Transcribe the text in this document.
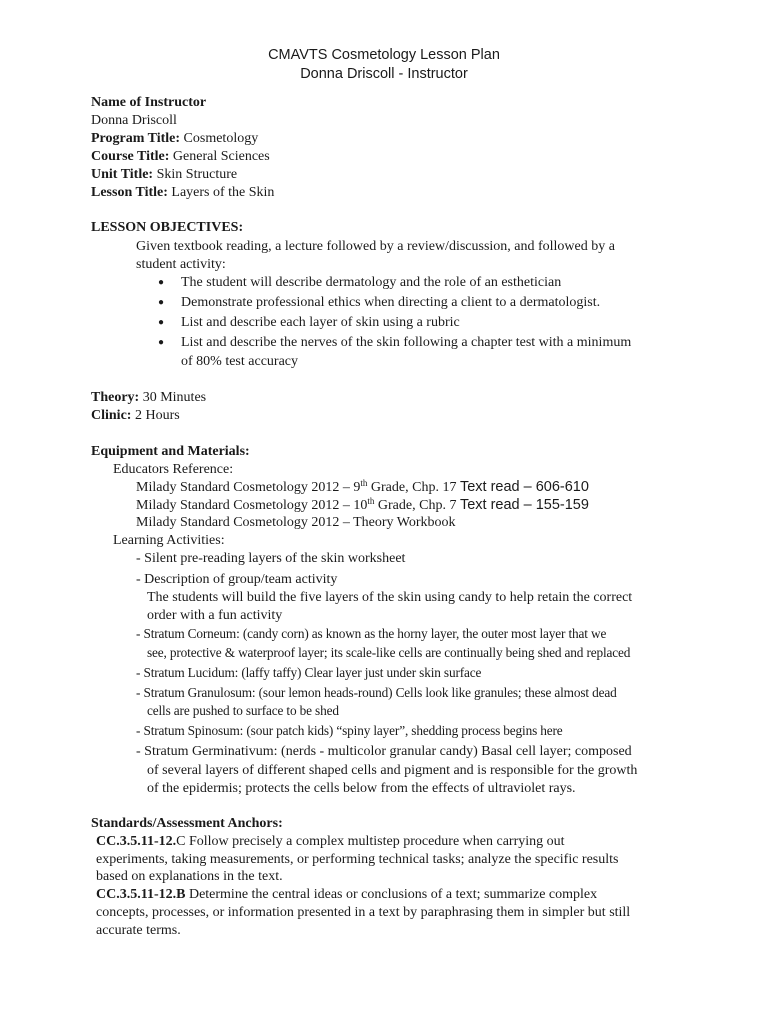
CMAVTS Cosmetology Lesson Plan
Donna Driscoll - Instructor
Name of Instructor
Donna Driscoll
Program Title: Cosmetology
Course Title: General Sciences
Unit Title: Skin Structure
Lesson Title: Layers of the Skin
LESSON OBJECTIVES:
Given textbook reading, a lecture followed by a review/discussion, and followed by a
student activity:
● The student will describe dermatology and the role of an esthetician
● Demonstrate professional ethics when directing a client to a dermatologist.
● List and describe each layer of skin using a rubric
● List and describe the nerves of the skin following a chapter test with a minimum
of 80% test accuracy
Theory: 30 Minutes
Clinic: 2 Hours
Equipment and Materials:
Educators Reference:
Milady Standard Cosmetology 2012 – 9th Grade, Chp. 17 Text read – 606-610
Milady Standard Cosmetology 2012 – 10th Grade, Chp. 7 Text read – 155-159
Milady Standard Cosmetology 2012 – Theory Workbook
Learning Activities:
- Silent pre-reading layers of the skin worksheet
- Description of group/team activity
The students will build the five layers of the skin using candy to help retain the correct
order with a fun activity
- Stratum Corneum: (candy corn) as known as the horny layer, the outer most layer that we
see, protective & waterproof layer; its scale-like cells are continually being shed and replaced
- Stratum Lucidum: (laffy taffy) Clear layer just under skin surface
- Stratum Granulosum: (sour lemon heads-round) Cells look like granules; these almost dead
cells are pushed to surface to be shed
- Stratum Spinosum: (sour patch kids) “spiny layer”, shedding process begins here
- Stratum Germinativum: (nerds - multicolor granular candy) Basal cell layer; composed
of several layers of different shaped cells and pigment and is responsible for the growth
of the epidermis; protects the cells below from the effects of ultraviolet rays.
Standards/Assessment Anchors:
CC.3.5.11-12.C Follow precisely a complex multistep procedure when carrying out
experiments, taking measurements, or performing technical tasks; analyze the specific results
based on explanations in the text.
CC.3.5.11-12.B Determine the central ideas or conclusions of a text; summarize complex
concepts, processes, or information presented in a text by paraphrasing them in simpler but still
accurate terms.
